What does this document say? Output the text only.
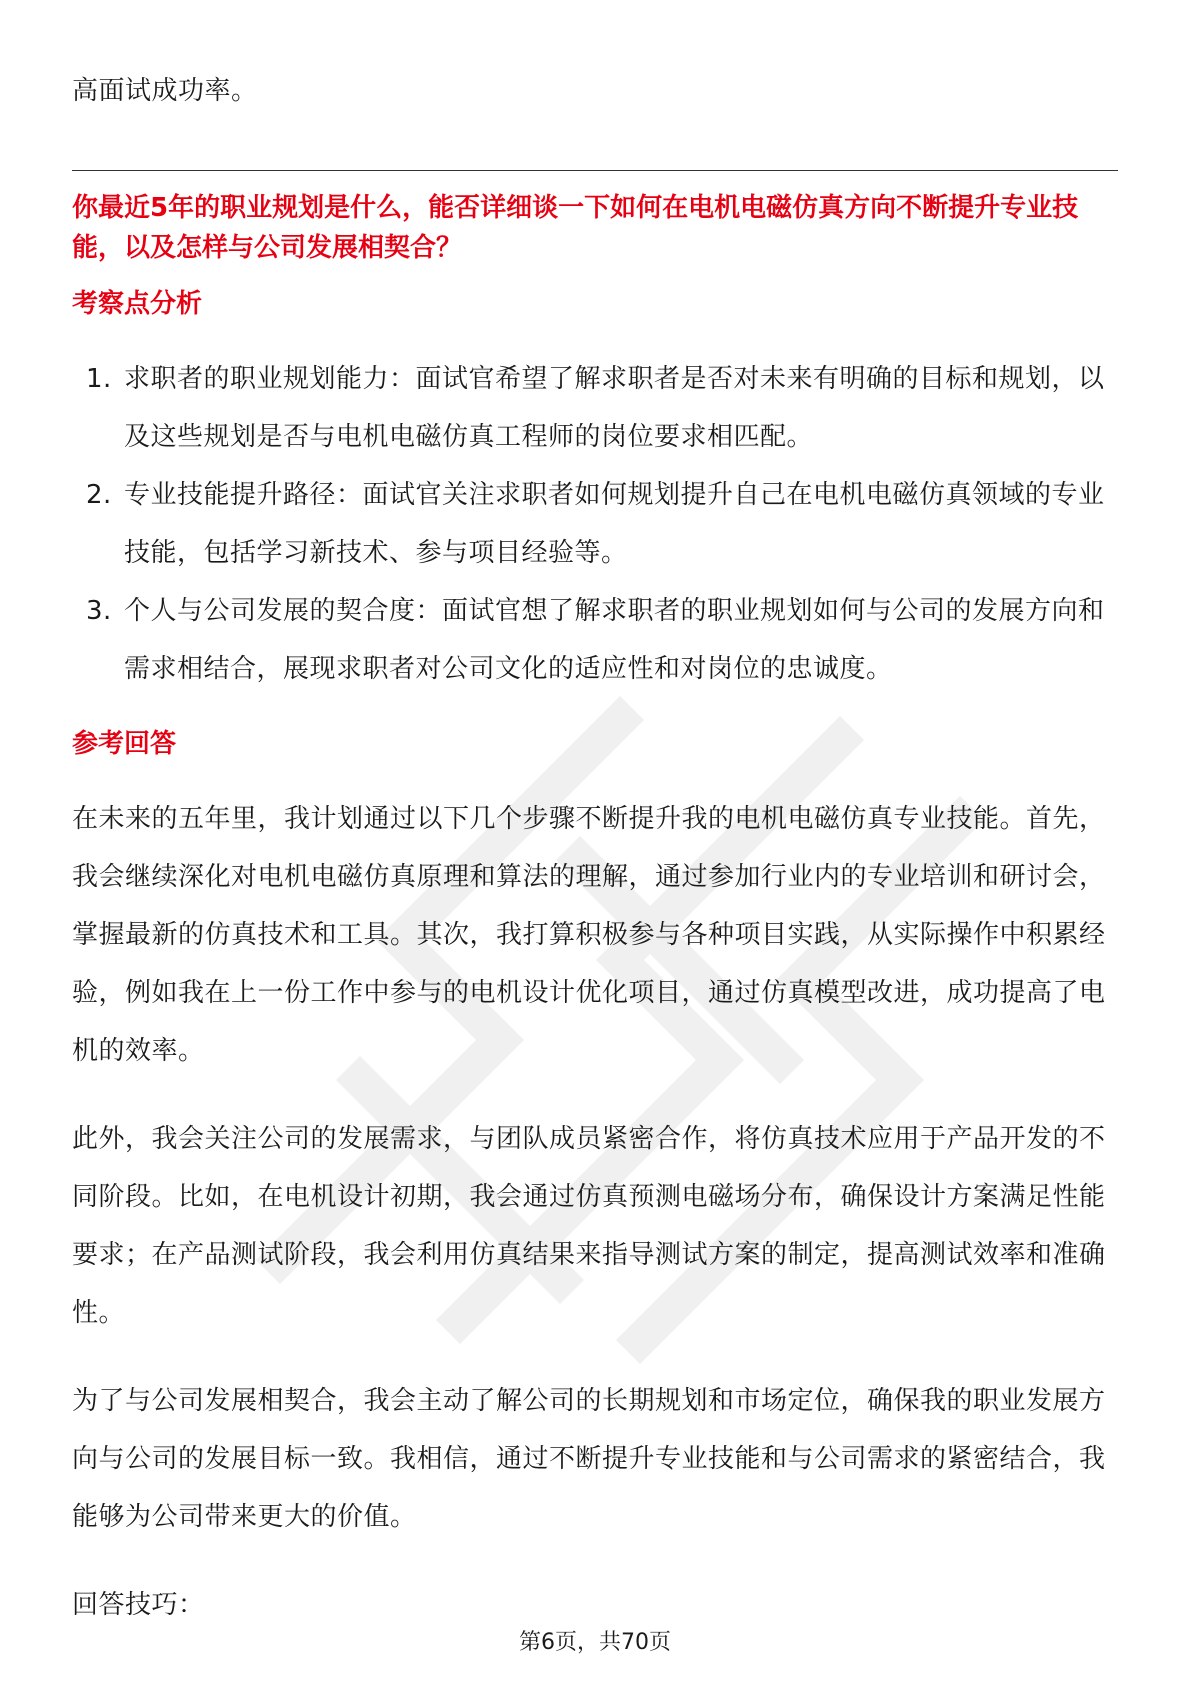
高面试成功率。

你最近5年的职业规划是什么，能否详细谈一下如何在电机电磁仿真方向不断提升专业技能，以及怎样与公司发展相契合？

考察点分析

1. 求职者的职业规划能力：面试官希望了解求职者是否对未来有明确的目标和规划，以及这些规划是否与电机电磁仿真工程师的岗位要求相匹配。
2. 专业技能提升路径：面试官关注求职者如何规划提升自己在电机电磁仿真领域的专业技能，包括学习新技术、参与项目经验等。
3. 个人与公司发展的契合度：面试官想了解求职者的职业规划如何与公司的发展方向和需求相结合，展现求职者对公司文化的适应性和对岗位的忠诚度。

参考回答

在未来的五年里，我计划通过以下几个步骤不断提升我的电机电磁仿真专业技能。首先，我会继续深化对电机电磁仿真原理和算法的理解，通过参加行业内的专业培训和研讨会，掌握最新的仿真技术和工具。其次，我打算积极参与各种项目实践，从实际操作中积累经验，例如我在上一份工作中参与的电机设计优化项目，通过仿真模型改进，成功提高了电机的效率。

此外，我会关注公司的发展需求，与团队成员紧密合作，将仿真技术应用于产品开发的不同阶段。比如，在电机设计初期，我会通过仿真预测电磁场分布，确保设计方案满足性能要求；在产品测试阶段，我会利用仿真结果来指导测试方案的制定，提高测试效率和准确性。

为了与公司发展相契合，我会主动了解公司的长期规划和市场定位，确保我的职业发展方向与公司的发展目标一致。我相信，通过不断提升专业技能和与公司需求的紧密结合，我能够为公司带来更大的价值。

回答技巧：

第6页，共70页
